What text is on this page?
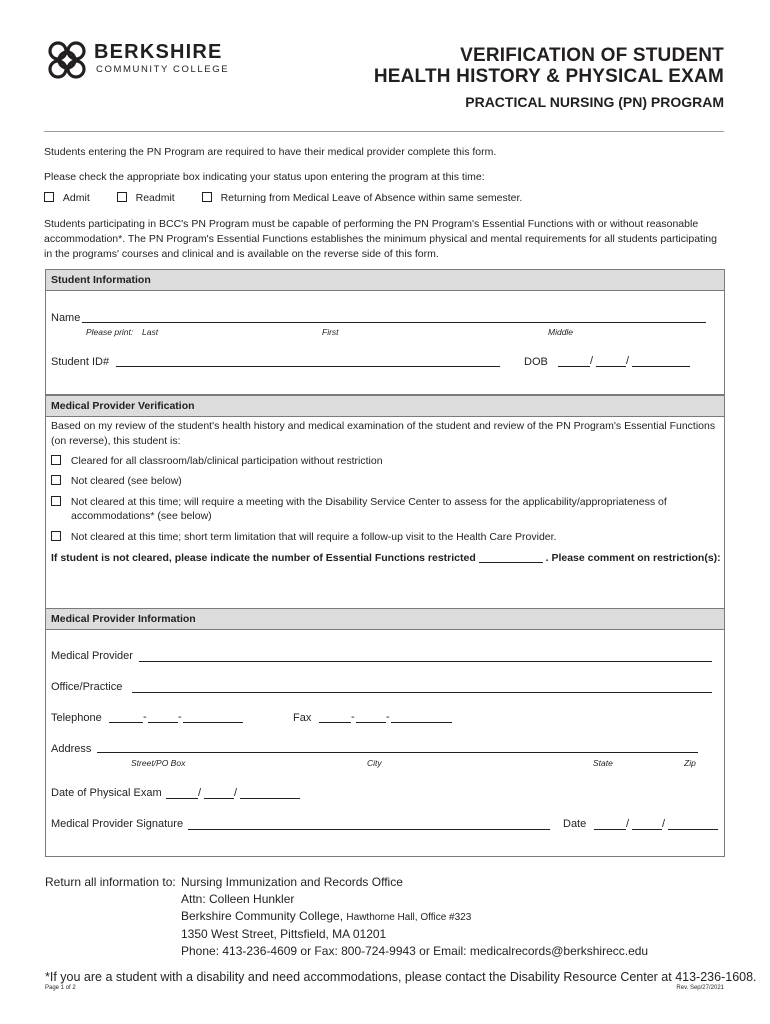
BERKSHIRE
COMMUNITY COLLEGE
VERIFICATION OF STUDENT
HEALTH HISTORY & PHYSICAL EXAM
PRACTICAL NURSING (PN) PROGRAM
Students entering the PN Program are required to have their medical provider complete this form.
Please check the appropriate box indicating your status upon entering the program at this time:
Admit	Readmit	Returning from Medical Leave of Absence within same semester.
Students participating in BCC's PN Program must be capable of performing the PN Program's Essential Functions with or without reasonable
accommodation*. The PN Program's Essential Functions establishes the minimum physical and mental requirements for all students participating
in the programs' courses and clinical and is available on the reverse side of this form.
Student Information
Name
Please print: Last	First	Middle
Student ID#	DOB	/	/
Medical Provider Verification
Based on my review of the student's health history and medical examination of the student and review of the PN Program's Essential Functions
(on reverse), this student is:
Cleared for all classroom/lab/clinical participation without restriction
Not cleared (see below)
Not cleared at this time; will require a meeting with the Disability Service Center to assess for the applicability/appropriateness of
accommodations* (see below)
Not cleared at this time; short term limitation that will require a follow-up visit to the Health Care Provider.
If student is not cleared, please indicate the number of Essential Functions restricted	. Please comment on restriction(s):
Medical Provider Information
Medical Provider
Office/Practice
Telephone	-	-	Fax	-	-
Address
Street/PO Box	City	State	Zip
Date of Physical Exam	/	/
Medical Provider Signature	Date	/	/
Return all information to: Nursing Immunization and Records Office
Attn: Colleen Hunkler
Berkshire Community College, Hawthorne Hall, Office #323
1350 West Street, Pittsfield, MA 01201
Phone: 413-236-4609 or Fax: 800-724-9943 or Email: medicalrecords@berkshirecc.edu
*If you are a student with a disability and need accommodations, please contact the Disability Resource Center at 413-236-1608.
Page 1 of 2	Rev. Sep/27/2021
